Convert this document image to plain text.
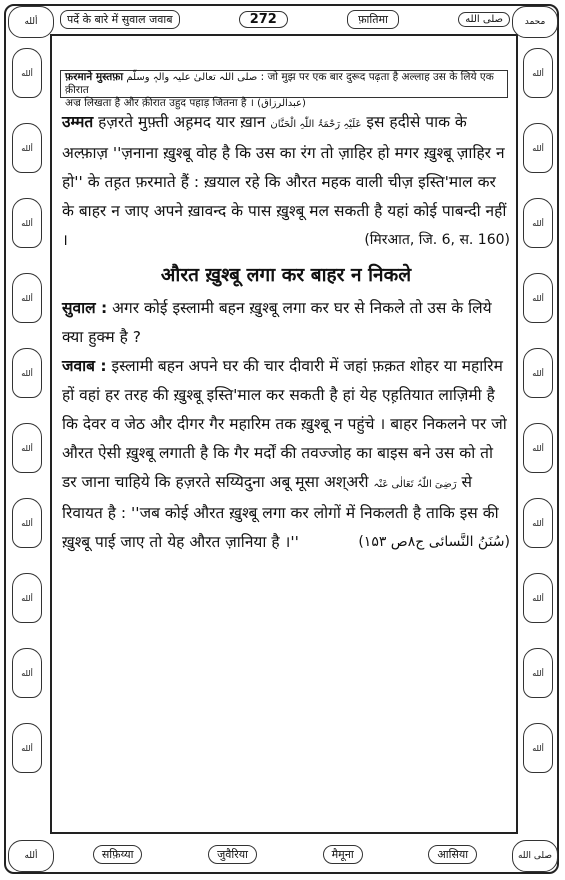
ألله	محمد
ألله	صلى الله
पर्दे के बारे में सुवाल जवाब	272	फ़ातिमा	صلى الله
ألله
ألله
ألله
ألله
ألله
ألله
ألله
ألله
ألله
ألله
ألله
ألله
ألله
ألله
ألله
ألله
ألله
ألله
ألله
ألله
फ़रमाने मुस्तफ़ा صلی اللہ تعالیٰ علیہ والہٖ وسلّم : जो मुझ पर एक बार दुरूद पढ़ता है अल्लाह उस के लिये एक क़ीरात
अज्र लिखता है और क़ीरात उहुद पहाड़ जितना है । (عبدالرزاق)

उम्मत हज़रते मुफ़्ती अह़मद यार ख़ान عَلَیْہِ رَحْمَۃُ اللّٰہِ الْحَنَّان इस हदीसे पाक के अल्फ़ाज़ ''ज़नाना ख़ुश्बू वोह है कि उस का रंग तो ज़ाहिर हो मगर ख़ुश्बू ज़ाहिर न हो'' के तह़त फ़रमाते हैं : ख़याल रहे कि औरत महक वाली चीज़ इस्ति'माल कर के बाहर न जाए अपने ख़ावन्द के पास ख़ुश्बू मल सकती है यहां कोई पाबन्दी नहीं ।	(मिरआत, जि. 6, स. 160)

औरत ख़ुश्बू लगा कर बाहर न निकले

सुवाल : अगर कोई इस्लामी बहन ख़ुश्बू लगा कर घर से निकले तो उस के लिये क्या हुक्म है ?

जवाब : इस्लामी बहन अपने घर की चार दीवारी में जहां फ़क़त शोहर या महारिम हों वहां हर तरह की ख़ुश्बू इस्ति'माल कर सकती है हां येह एह़तियात लाज़िमी है कि देवर व जेठ और दीगर गैर महारिम तक ख़ुश्बू न पहुंचे । बाहर निकलने पर जो औरत ऐसी ख़ुश्बू लगाती है कि गैर मर्दों की तवज्जोह का बाइस बने उस को तो डर जाना चाहिये कि हज़रते सय्यिदुना अबू मूसा अश्अरी رَضِیَ اللّٰہُ تَعَالٰی عَنْہ से रिवायत है : ''जब कोई औरत ख़ुश्बू लगा कर लोगों में निकलती है ताकि इस की ख़ुश्बू पाई जाए तो येह औरत ज़ानिया है ।''	(سُنَنُ النَّسائی ج۸ص ۱۵۳)

सफ़िय्या	जुवैरिया	मैमूना	आसिया
